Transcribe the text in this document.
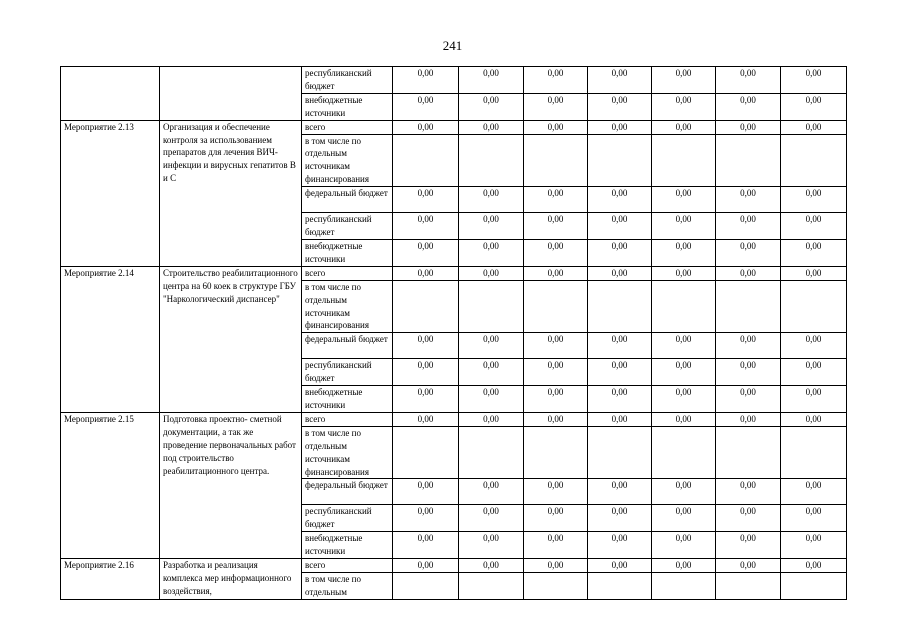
241
		республиканский бюджет	0,00	0,00	0,00	0,00	0,00	0,00	0,00
		внебюджетные источники	0,00	0,00	0,00	0,00	0,00	0,00	0,00
Мероприятие 2.13	Организация и обеспечение контроля за использованием препаратов для лечения ВИЧ-инфекции и вирусных гепатитов В и С	всего	0,00	0,00	0,00	0,00	0,00	0,00	0,00
		в том числе по отдельным источникам финансирования							
		федеральный бюджет	0,00	0,00	0,00	0,00	0,00	0,00	0,00
		республиканский бюджет	0,00	0,00	0,00	0,00	0,00	0,00	0,00
		внебюджетные источники	0,00	0,00	0,00	0,00	0,00	0,00	0,00
Мероприятие 2.14	Строительство реабилитационного центра на 60 коек в структуре ГБУ "Наркологический диспансер"	всего	0,00	0,00	0,00	0,00	0,00	0,00	0,00
		в том числе по отдельным источникам финансирования							
		федеральный бюджет	0,00	0,00	0,00	0,00	0,00	0,00	0,00
		республиканский бюджет	0,00	0,00	0,00	0,00	0,00	0,00	0,00
		внебюджетные источники	0,00	0,00	0,00	0,00	0,00	0,00	0,00
Мероприятие 2.15	Подготовка проектно- сметной документации, а так же проведение первоначальных работ под строительство реабилитационного центра.	всего	0,00	0,00	0,00	0,00	0,00	0,00	0,00
		в том числе по отдельным источникам финансирования							
		федеральный бюджет	0,00	0,00	0,00	0,00	0,00	0,00	0,00
		республиканский бюджет	0,00	0,00	0,00	0,00	0,00	0,00	0,00
		внебюджетные источники	0,00	0,00	0,00	0,00	0,00	0,00	0,00
Мероприятие 2.16	Разработка и реализация комплекса мер информационного воздействия,	всего	0,00	0,00	0,00	0,00	0,00	0,00	0,00
		в том числе по отдельным							
